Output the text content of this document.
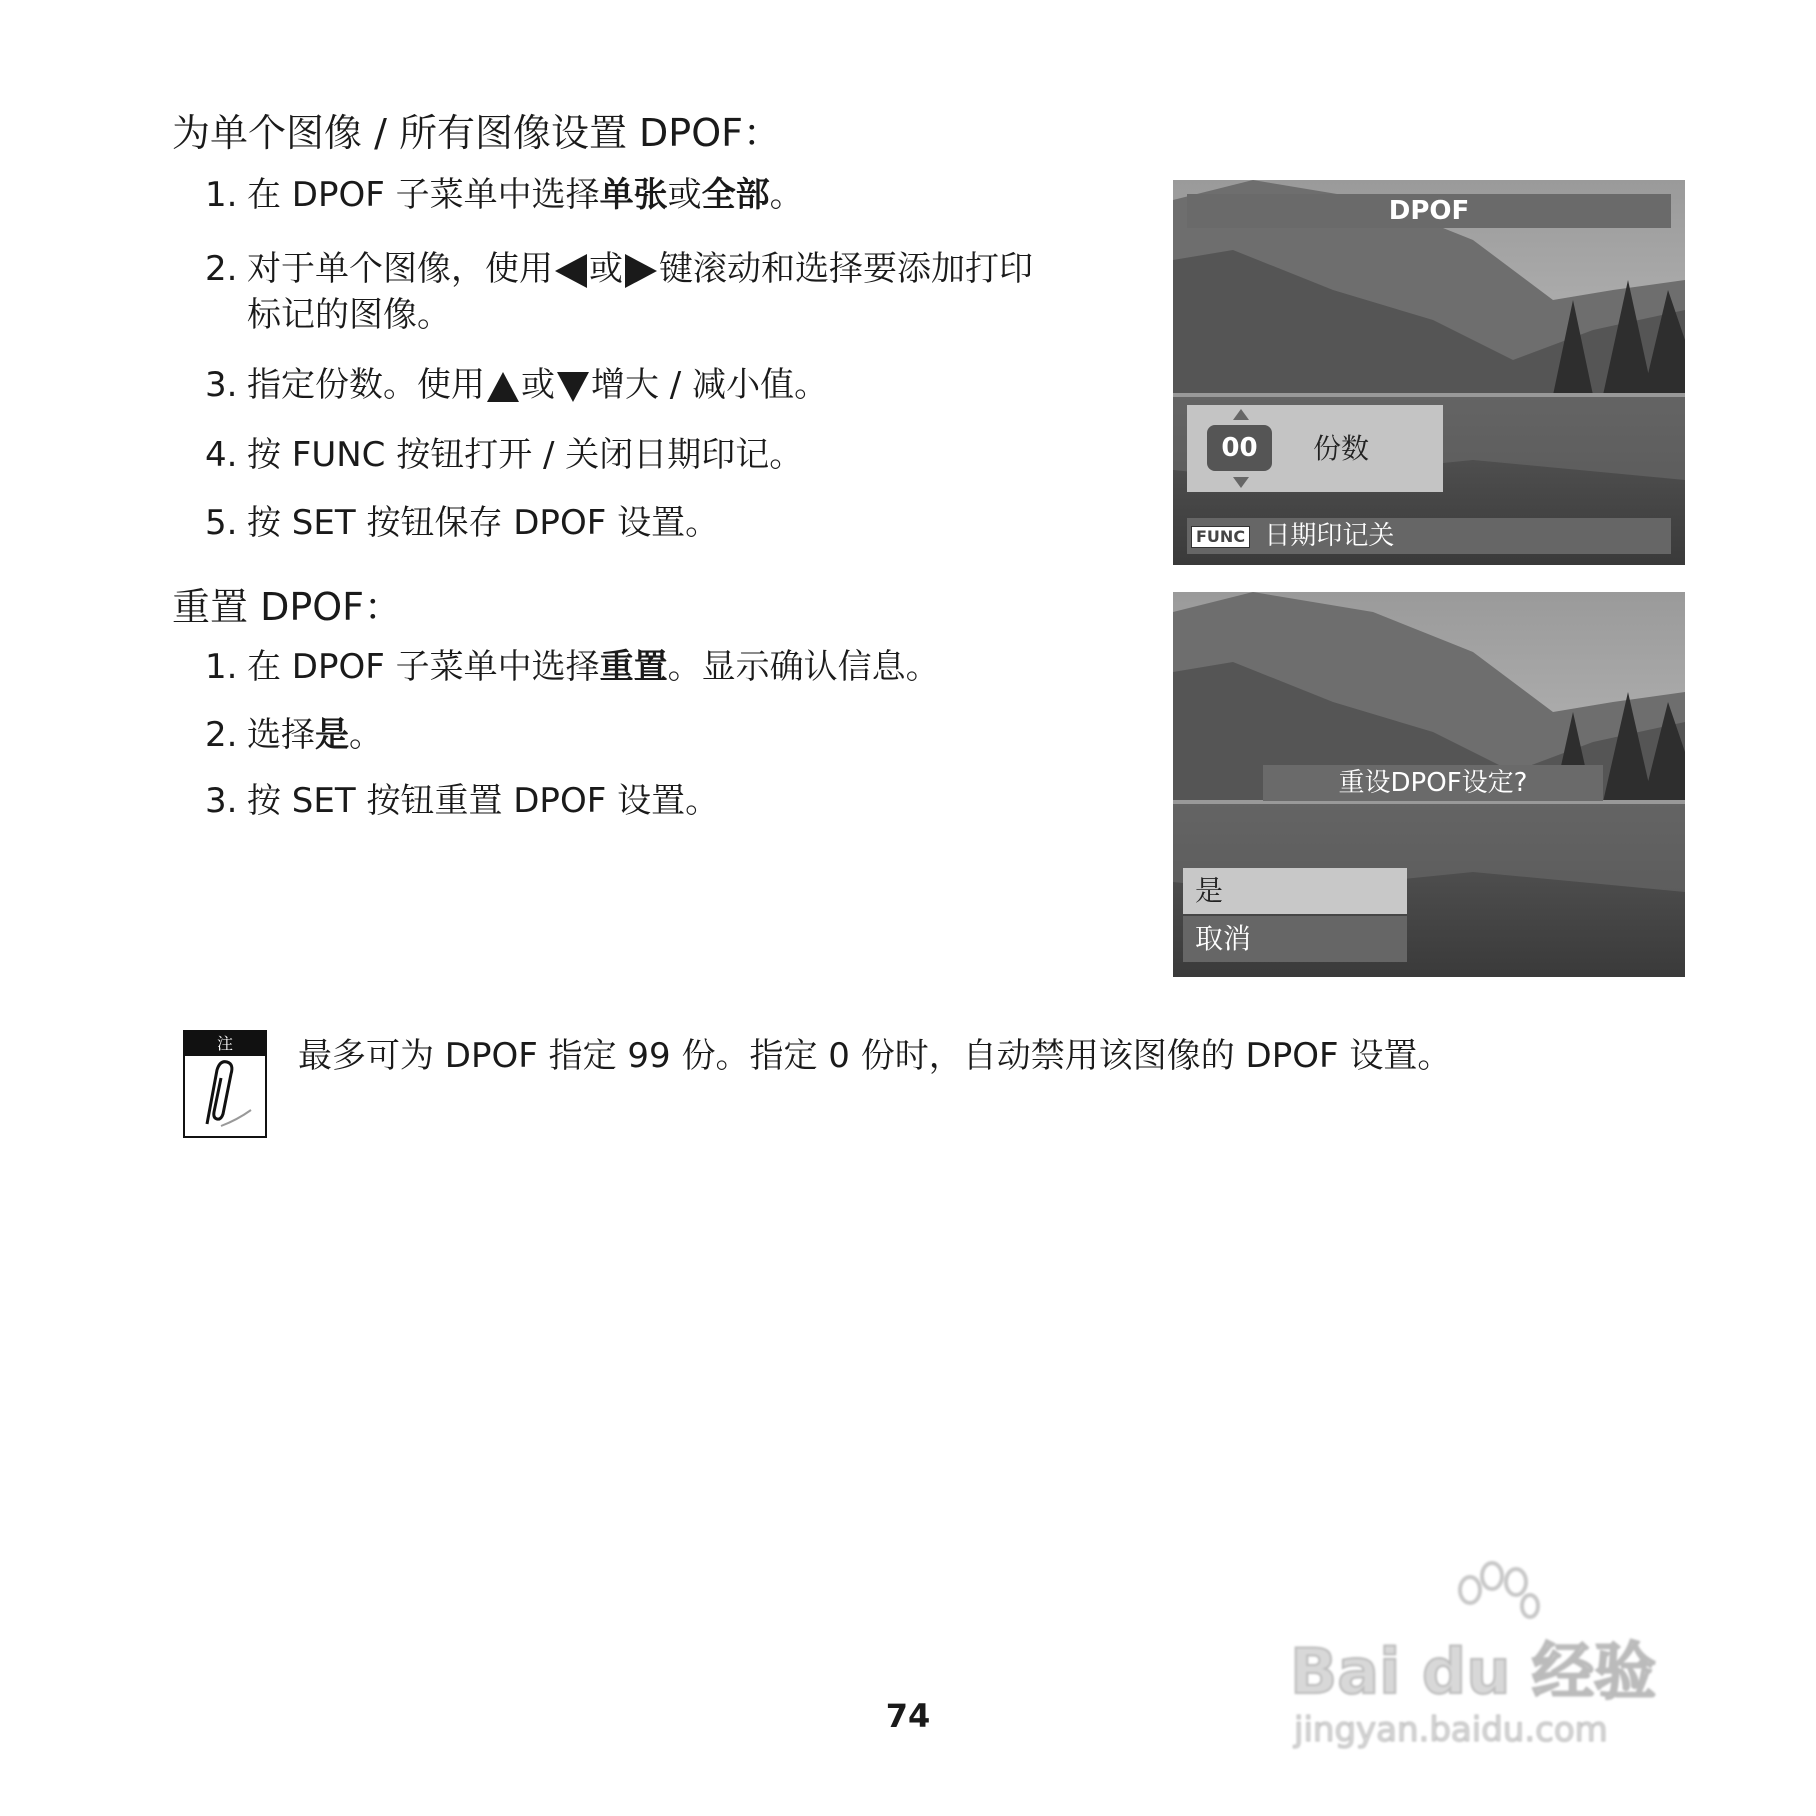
为单个图像 / 所有图像设置 DPOF：
1. 在 DPOF 子菜单中选择单张或全部。
2. 对于单个图像，使用 或 键滚动和选择要添加打印
标记的图像。
3. 指定份数。使用 或 增大 / 减小值。
4. 按 FUNC 按钮打开 / 关闭日期印记。
5. 按 SET 按钮保存 DPOF 设置。
重置 DPOF：
1. 在 DPOF 子菜单中选择重置。显示确认信息。
2. 选择是。
3. 按 SET 按钮重置 DPOF 设置。
DPOF
00	份数
FUNC 日期印记关
重设DPOF设定?
是
取消
注	最多可为 DPOF 指定 99 份。指定 0 份时，自动禁用该图像的 DPOF 设置。
74
Bai du 经验
jingyan.baidu.com
